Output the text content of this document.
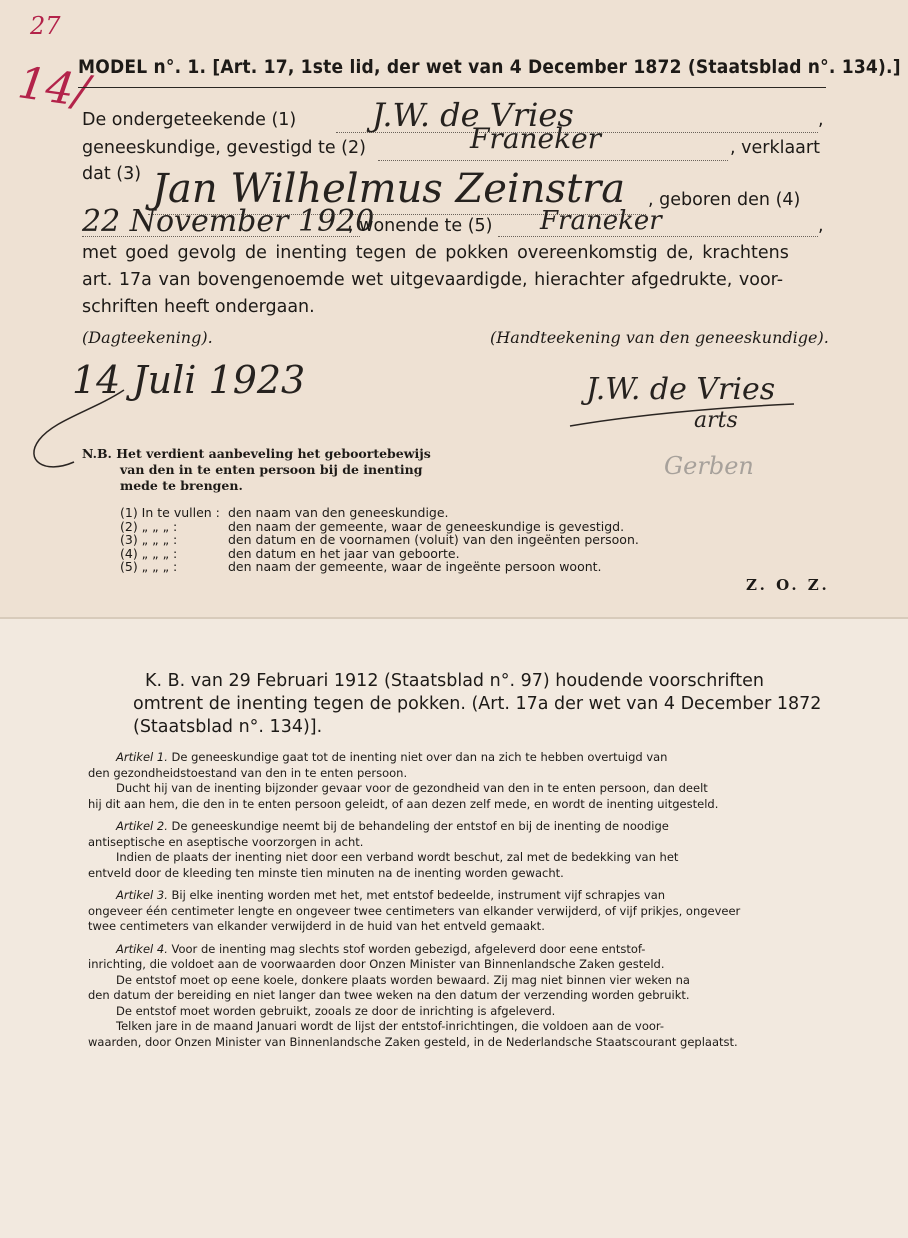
27
14/
MODEL n°. 1. [Art. 17, 1ste lid, der wet van 4 December 1872 (Staatsblad n°. 134).]
De ondergeteekende (1)	,
J.W. de Vries
geneeskundige, gevestigd te (2)	, verklaart
Franeker
dat (3) Jan Wilhelmus Zeinstra , geboren den (4)
22 November 1920
, wonende te (5)	,
Franeker
met goed gevolg de inenting tegen de pokken overeenkomstig de, krachtens
art. 17a van bovengenoemde wet uitgevaardigde, hierachter afgedrukte, voor-
schriften heeft ondergaan.
(Dagteekening).	(Handteekening van den geneeskundige).
14 Juli 1923	J.W. de Vries
arts
Gerben
N.B. Het verdient aanbeveling het geboortebewijs
van den in te enten persoon bij de inenting
mede te brengen.
(1) In te vullen : den naam van den geneeskundige.
(2) „ „ „ :	den naam der gemeente, waar de geneeskundige is gevestigd.
(3) „ „ „ :	den datum en de voornamen (voluit) van den ingeënten persoon.
(4) „ „ „ :	den datum en het jaar van geboorte.
(5) „ „ „ :	den naam der gemeente, waar de ingeënte persoon woont.
Z. O. Z.
K. B. van 29 Februari 1912 (Staatsblad n°. 97) houdende voorschriften
omtrent de inenting tegen de pokken. (Art. 17a der wet van 4 December 1872
(Staatsblad n°. 134)].

Artikel 1. De geneeskundige gaat tot de inenting niet over dan na zich te hebben overtuigd van
den gezondheidstoestand van den in te enten persoon.
Ducht hij van de inenting bijzonder gevaar voor de gezondheid van den in te enten persoon, dan deelt
hij dit aan hem, die den in te enten persoon geleidt, of aan dezen zelf mede, en wordt de inenting uitgesteld.

Artikel 2. De geneeskundige neemt bij de behandeling der entstof en bij de inenting de noodige
antiseptische en aseptische voorzorgen in acht.
Indien de plaats der inenting niet door een verband wordt beschut, zal met de bedekking van het
entveld door de kleeding ten minste tien minuten na de inenting worden gewacht.

Artikel 3. Bij elke inenting worden met het, met entstof bedeelde, instrument vijf schrapjes van
ongeveer één centimeter lengte en ongeveer twee centimeters van elkander verwijderd, of vijf prikjes, ongeveer
twee centimeters van elkander verwijderd in de huid van het entveld gemaakt.

Artikel 4. Voor de inenting mag slechts stof worden gebezigd, afgeleverd door eene entstof-
inrichting, die voldoet aan de voorwaarden door Onzen Minister van Binnenlandsche Zaken gesteld.
De entstof moet op eene koele, donkere plaats worden bewaard. Zij mag niet binnen vier weken na
den datum der bereiding en niet langer dan twee weken na den datum der verzending worden gebruikt.
De entstof moet worden gebruikt, zooals ze door de inrichting is afgeleverd.
Telken jare in de maand Januari wordt de lijst der entstof-inrichtingen, die voldoen aan de voor-
waarden, door Onzen Minister van Binnenlandsche Zaken gesteld, in de Nederlandsche Staatscourant geplaatst.
